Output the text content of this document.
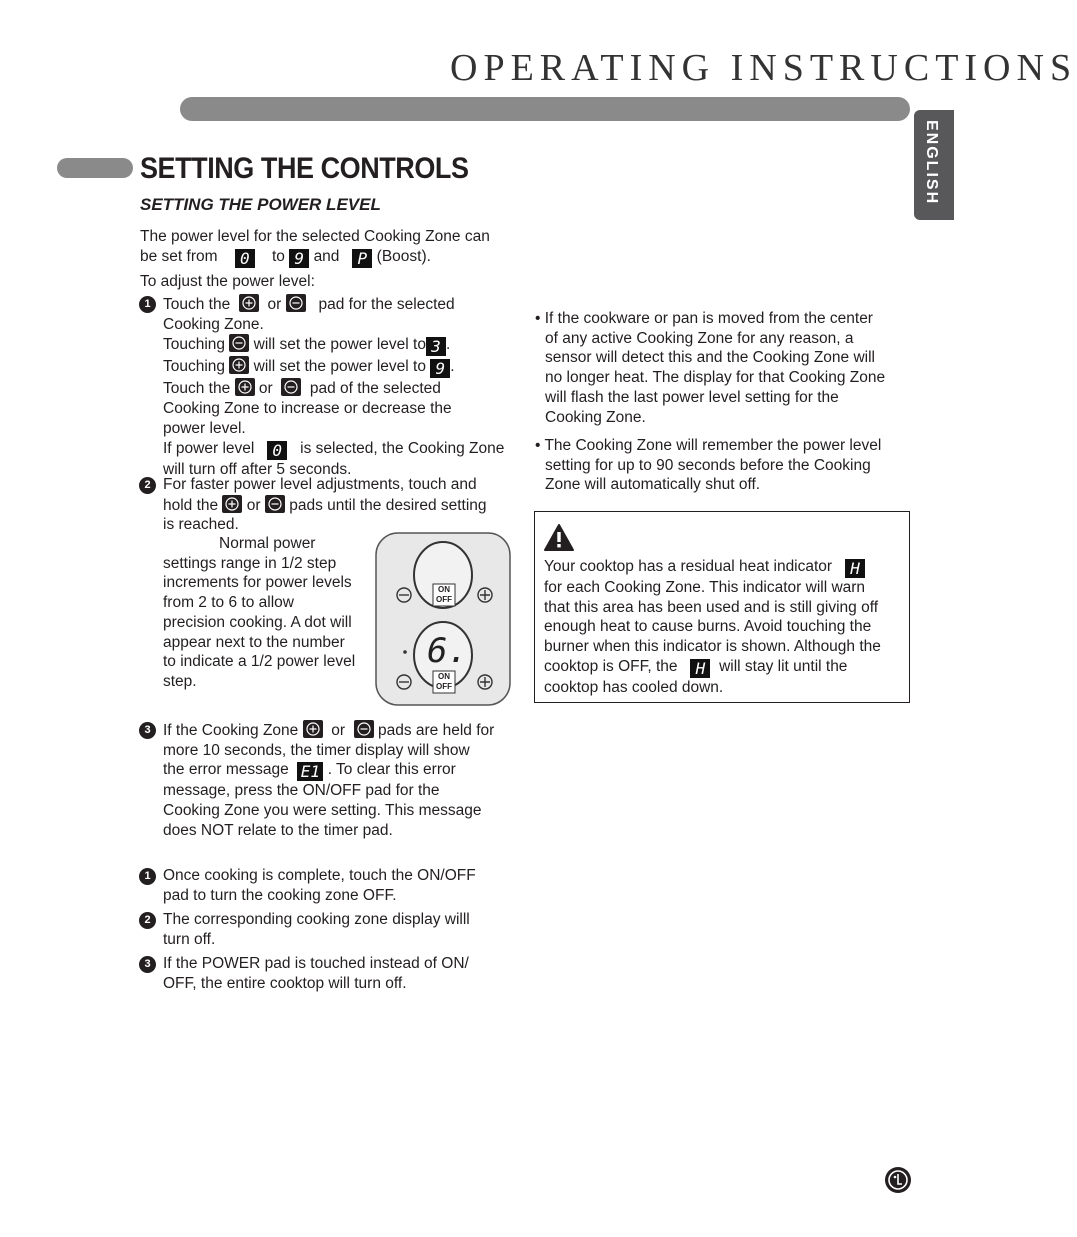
OPERATING INSTRUCTIONS
ENGLISH
SETTING THE CONTROLS
SETTING THE POWER LEVEL
The power level for the selected Cooking Zone can
be set from 0 to 9 and P (Boost).
To adjust the power level:
1 Touch the or pad for the selected
Cooking Zone.
Touching will set the power level to 3 .
Touching will set the power level to 9 .
Touch the or pad of the selected
Cooking Zone to increase or decrease the
power level.
If power level 0 is selected, the Cooking Zone
will turn off after 5 seconds.
2 For faster power level adjustments, touch and
hold the or pads until the desired setting
is reached.
Normal power
settings range in 1/2 step
increments for power levels
from 2 to 6 to allow
precision cooking. A dot will
appear next to the number
to indicate a 1/2 power level
step.
ON
OFF
ON
OFF
6.
3 If the Cooking Zone or pads are held for
more 10 seconds, the timer display will show
the error message E1 . To clear this error
message, press the ON/OFF pad for the
Cooking Zone you were setting. This message
does NOT relate to the timer pad.
1 Once cooking is complete, touch the ON/OFF
pad to turn the cooking zone OFF.
2 The corresponding cooking zone display willl
turn off.
3 If the POWER pad is touched instead of ON/
OFF, the entire cooktop will turn off.
• If the cookware or pan is moved from the center
of any active Cooking Zone for any reason, a
sensor will detect this and the Cooking Zone will
no longer heat. The display for that Cooking Zone
will flash the last power level setting for the
Cooking Zone.
• The Cooking Zone will remember the power level
setting for up to 90 seconds before the Cooking
Zone will automatically shut off.
Your cooktop has a residual heat indicator H
for each Cooking Zone. This indicator will warn
that this area has been used and is still giving off
enough heat to cause burns. Avoid touching the
burner when this indicator is shown. Although the
cooktop is OFF, the H will stay lit until the
cooktop has cooled down.
